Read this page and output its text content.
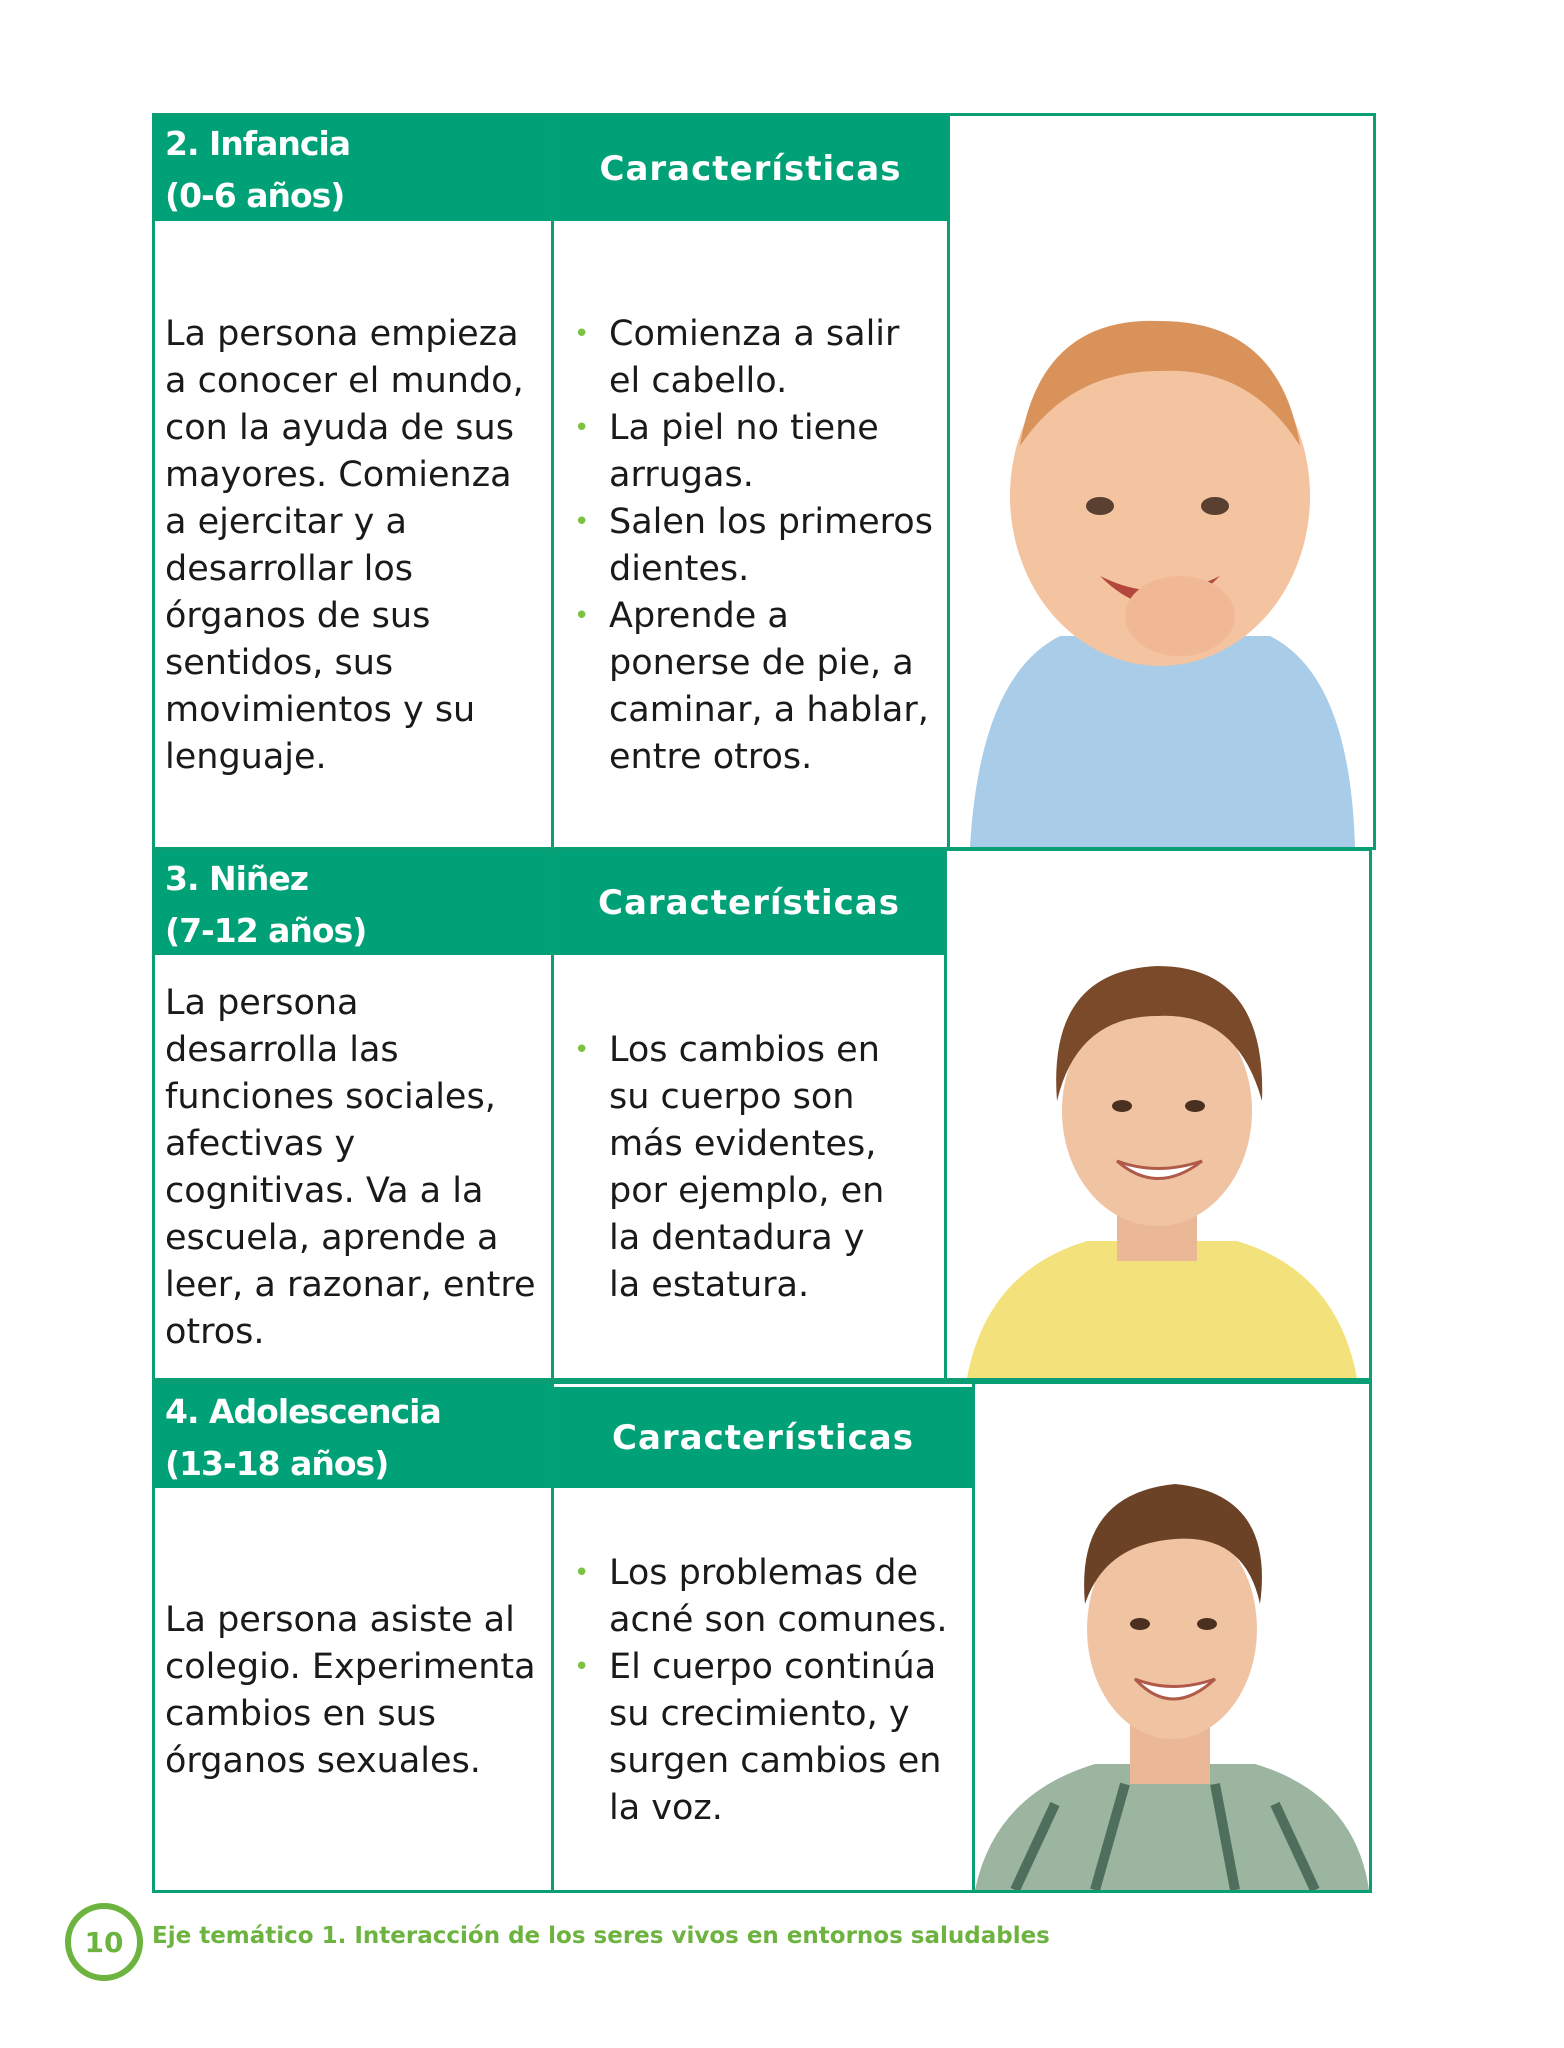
2. Infancia
(0-6 años)
Características
La persona empieza a conocer el mundo, con la ayuda de sus mayores. Comienza a ejercitar y a desarrollar los órganos de sus sentidos, sus movimientos y su lenguaje.
• Comienza a salir el cabello.
• La piel no tiene arrugas.
• Salen los primeros dientes.
• Aprende a ponerse de pie, a caminar, a hablar, entre otros.
3. Niñez
(7-12 años)
Características
La persona desarrolla las funciones sociales, afectivas y cognitivas. Va a la escuela, aprende a leer, a razonar, entre otros.
• Los cambios en su cuerpo son más evidentes, por ejemplo, en la dentadura y la estatura.
4. Adolescencia
(13-18 años)
Características
La persona asiste al colegio. Experimenta cambios en sus órganos sexuales.
• Los problemas de acné son comunes.
• El cuerpo continúa su crecimiento, y surgen cambios en la voz.
10 Eje temático 1. Interacción de los seres vivos en entornos saludables
